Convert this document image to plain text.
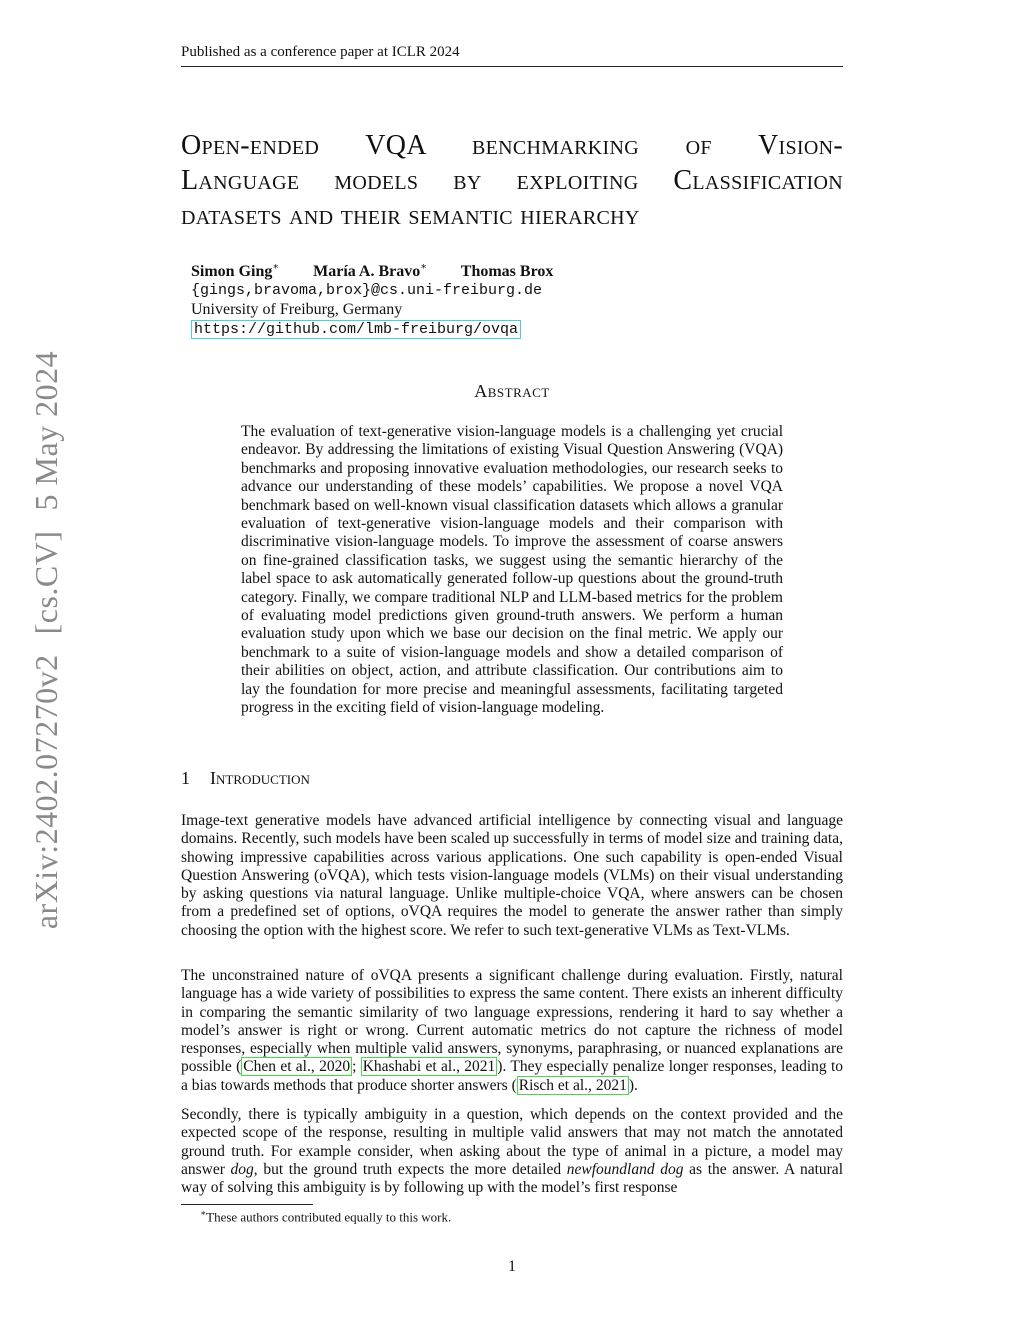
Published as a conference paper at ICLR 2024
arXiv:2402.07270v2
[cs.CV]
5 May 2024
Open-ended VQA benchmarking of Vision-
Language models by exploiting Classification
datasets and their semantic hierarchy
Simon Ging∗ María A. Bravo∗ Thomas Brox
{gings,bravoma,brox}@cs.uni-freiburg.de
University of Freiburg, Germany
https://github.com/lmb-freiburg/ovqa
Abstract
The evaluation of text-generative vision-language models is a challenging yet crucial endeavor. By addressing the limitations of existing Visual Question Answering (VQA) benchmarks and proposing innovative evaluation methodologies, our research seeks to advance our understanding of these models’ capabilities. We propose a novel VQA benchmark based on well-known visual classification datasets which allows a granular evaluation of text-generative vision-language models and their comparison with discriminative vision-language models. To improve the assessment of coarse answers on fine-grained classification tasks, we suggest using the semantic hierarchy of the label space to ask automatically generated follow-up questions about the ground-truth category. Finally, we compare traditional NLP and LLM-based metrics for the problem of evaluating model predictions given ground-truth answers. We perform a human evaluation study upon which we base our decision on the final metric. We apply our benchmark to a suite of vision-language models and show a detailed comparison of their abilities on object, action, and attribute classification. Our contributions aim to lay the foundation for more precise and meaningful assessments, facilitating targeted progress in the exciting field of vision-language modeling.
1 Introduction
Image-text generative models have advanced artificial intelligence by connecting visual and language domains. Recently, such models have been scaled up successfully in terms of model size and training data, showing impressive capabilities across various applications. One such capability is open-ended Visual Question Answering (oVQA), which tests vision-language models (VLMs) on their visual understanding by asking questions via natural language. Unlike multiple-choice VQA, where answers can be chosen from a predefined set of options, oVQA requires the model to generate the answer rather than simply choosing the option with the highest score. We refer to such text-generative VLMs as Text-VLMs.
The unconstrained nature of oVQA presents a significant challenge during evaluation. Firstly, natural language has a wide variety of possibilities to express the same content. There exists an inherent difficulty in comparing the semantic similarity of two language expressions, rendering it hard to say whether a model’s answer is right or wrong. Current automatic metrics do not capture the richness of model responses, especially when multiple valid answers, synonyms, paraphrasing, or nuanced explanations are possible ( Chen et al., 2020 ; Khashabi et al., 2021 ). They especially penalize longer responses, leading to a bias towards methods that produce shorter answers ( Risch et al., 2021 ).
Secondly, there is typically ambiguity in a question, which depends on the context provided and the expected scope of the response, resulting in multiple valid answers that may not match the annotated ground truth. For example consider, when asking about the type of animal in a picture, a model may answer dog, but the ground truth expects the more detailed newfoundland dog as the answer. A natural way of solving this ambiguity is by following up with the model’s first response
∗These authors contributed equally to this work.
1
